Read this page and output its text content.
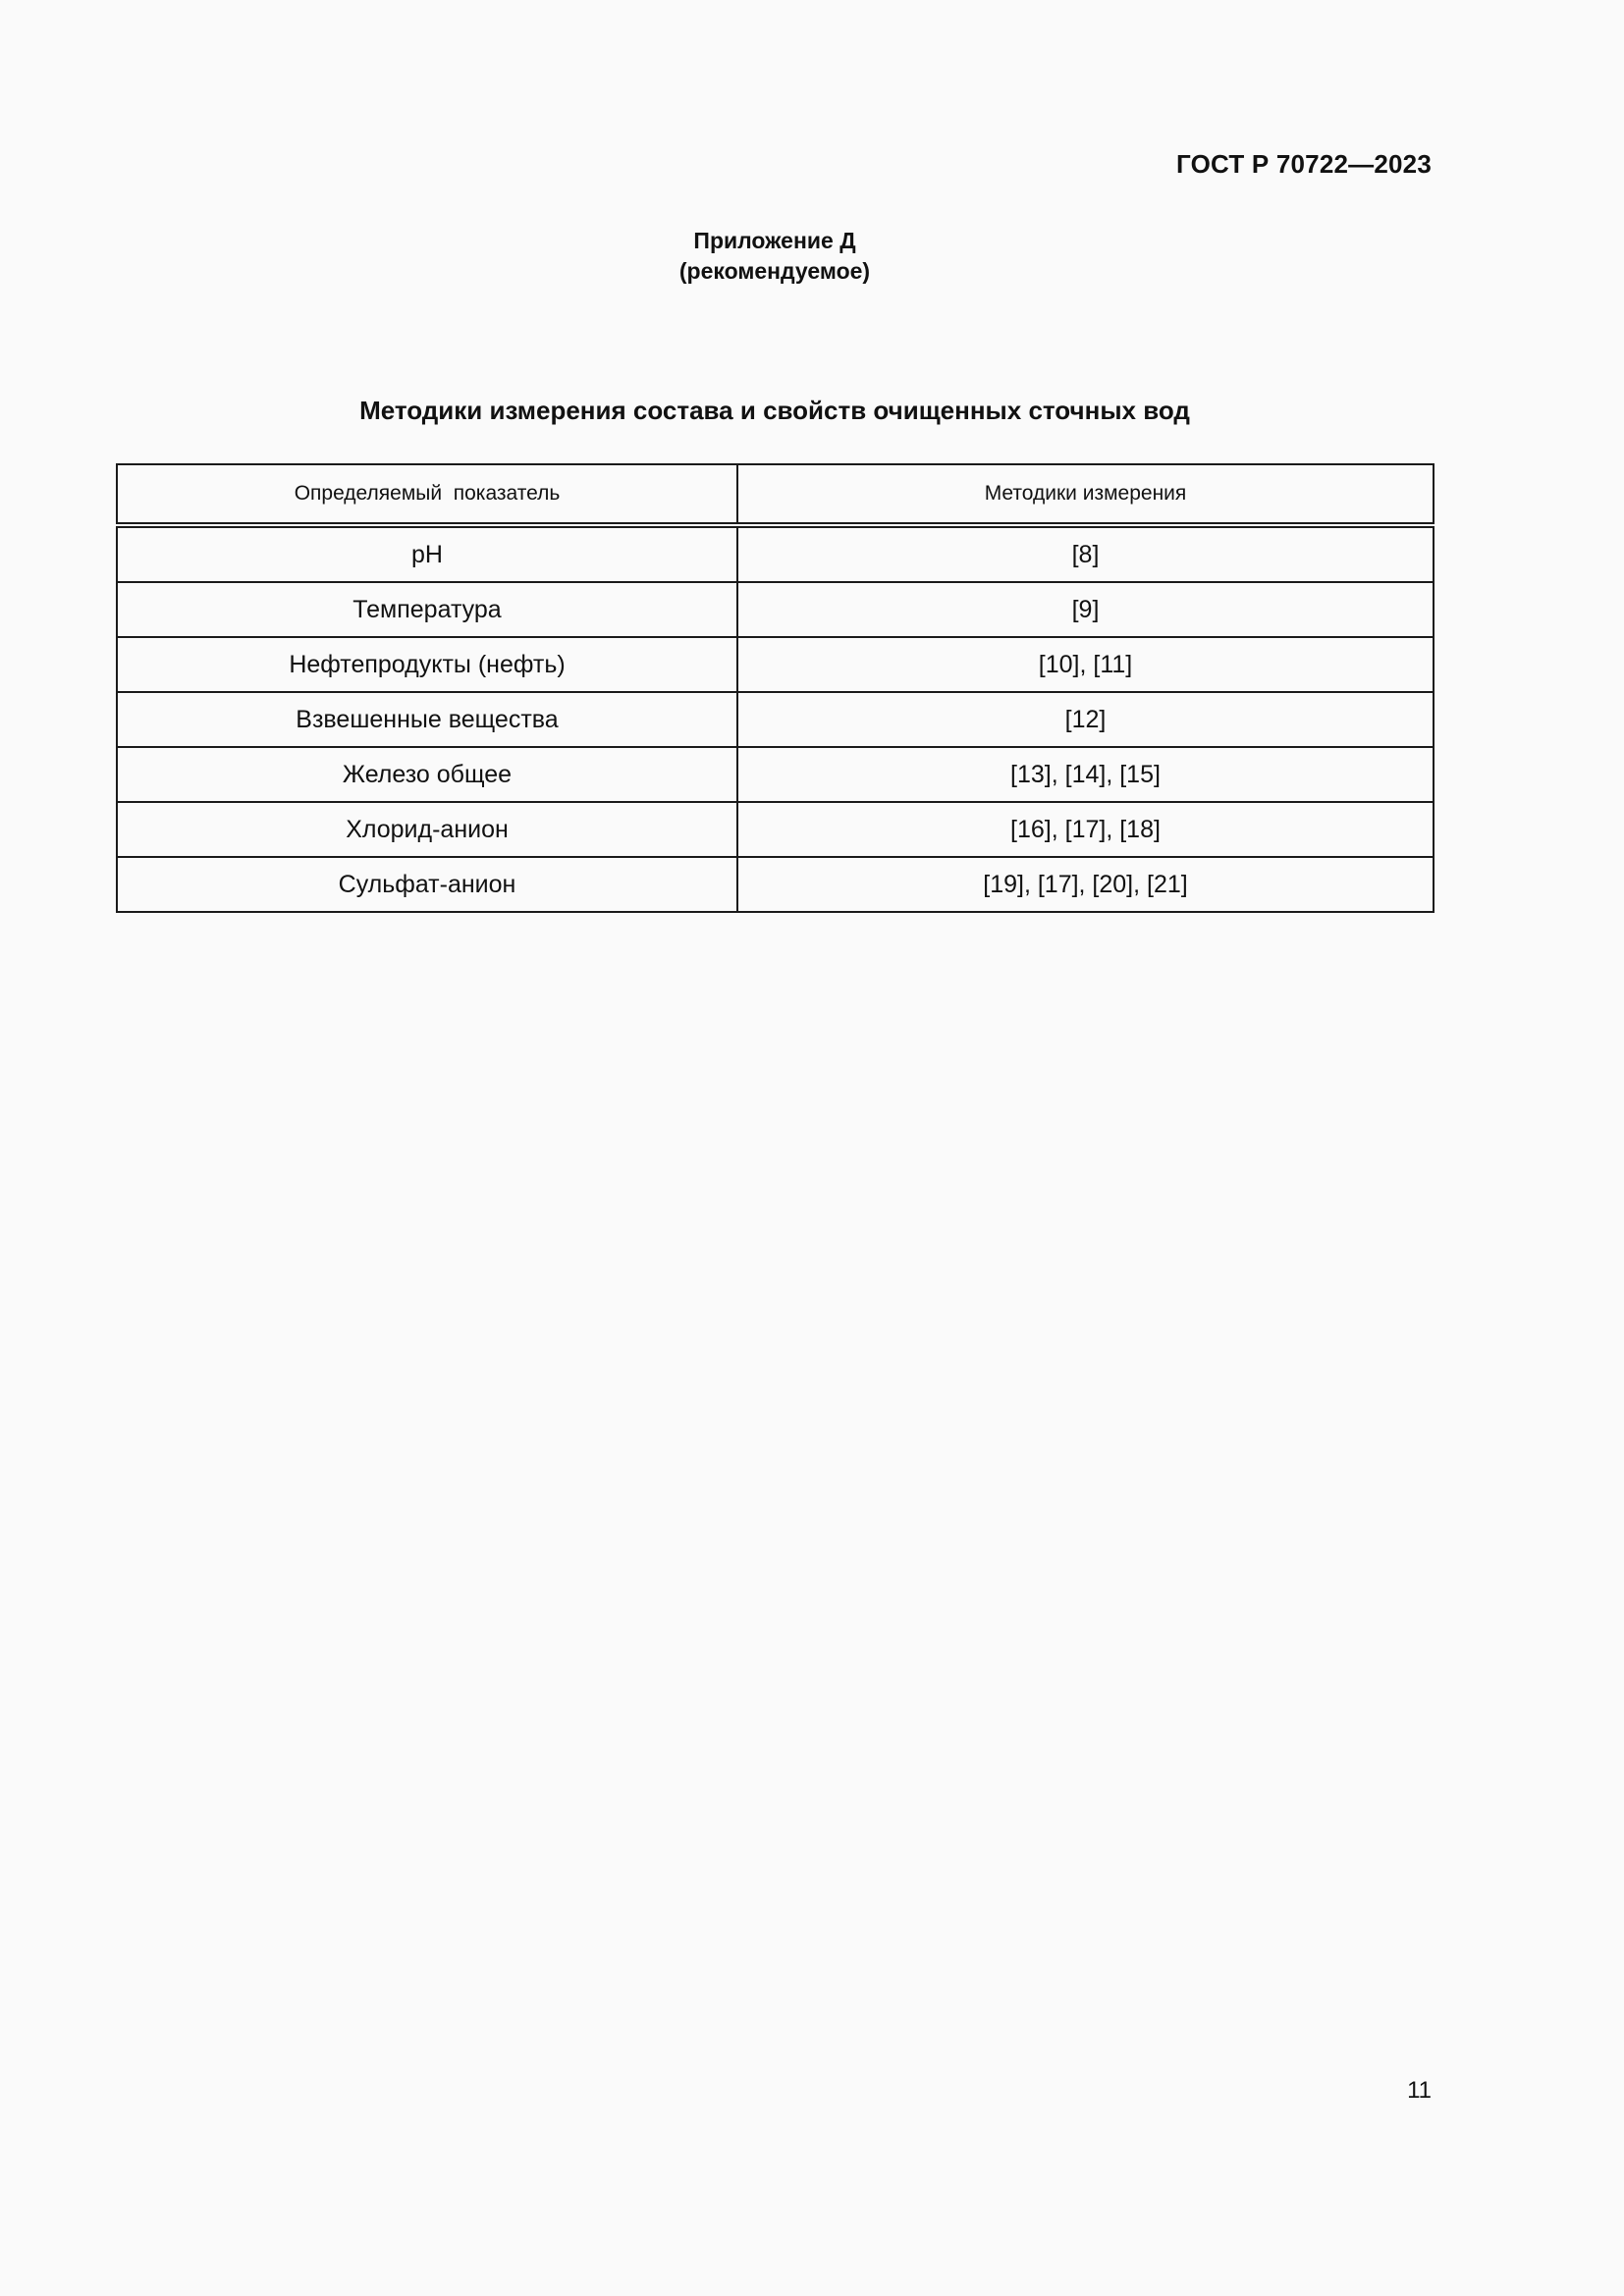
ГОСТ Р 70722—2023
Приложение Д
(рекомендуемое)
Методики измерения состава и свойств очищенных сточных вод
Определяемый  показатель	Методики измерения
pH	[8]
Температура	[9]
Нефтепродукты (нефть)	[10], [11]
Взвешенные вещества	[12]
Железо общее	[13], [14], [15]
Хлорид-анион	[16], [17], [18]
Сульфат-анион	[19], [17], [20], [21]
11
